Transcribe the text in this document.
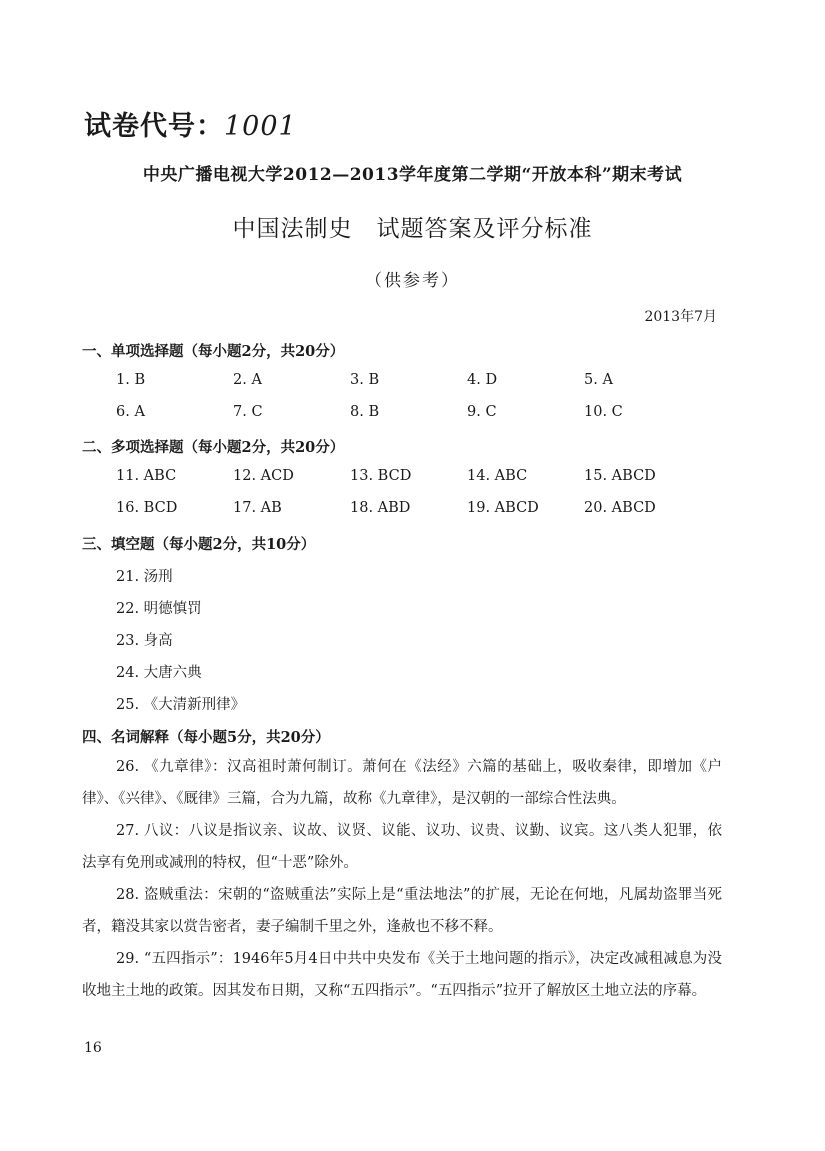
试卷代号：1001
中央广播电视大学2012—2013学年度第二学期“开放本科”期末考试
中国法制史　试题答案及评分标准
（供参考）
2013年7月
一、单项选择题（每小题2分，共20分）
1. B	2. A	3. B	4. D	5. A
6. A	7. C	8. B	9. C	10. C
二、多项选择题（每小题2分，共20分）
11. ABC	12. ACD	13. BCD	14. ABC	15. ABCD
16. BCD	17. AB	18. ABD	19. ABCD	20. ABCD
三、填空题（每小题2分，共10分）
21. 汤刑
22. 明德慎罚
23. 身高
24. 大唐六典
25. 《大清新刑律》
四、名词解释（每小题5分，共20分）
26. 《九章律》：汉高祖时萧何制订。萧何在《法经》六篇的基础上，吸收秦律，即增加《户律》、《兴律》、《厩律》三篇，合为九篇，故称《九章律》，是汉朝的一部综合性法典。
27. 八议：八议是指议亲、议故、议贤、议能、议功、议贵、议勤、议宾。这八类人犯罪，依法享有免刑或减刑的特权，但“十恶”除外。
28. 盗贼重法：宋朝的“盗贼重法”实际上是“重法地法”的扩展，无论在何地，凡属劫盗罪当死者，籍没其家以赏告密者，妻子编制千里之外，逢赦也不移不释。
29. “五四指示”：1946年5月4日中共中央发布《关于土地问题的指示》，决定改减租减息为没收地主土地的政策。因其发布日期，又称“五四指示”。“五四指示”拉开了解放区土地立法的序幕。
16
